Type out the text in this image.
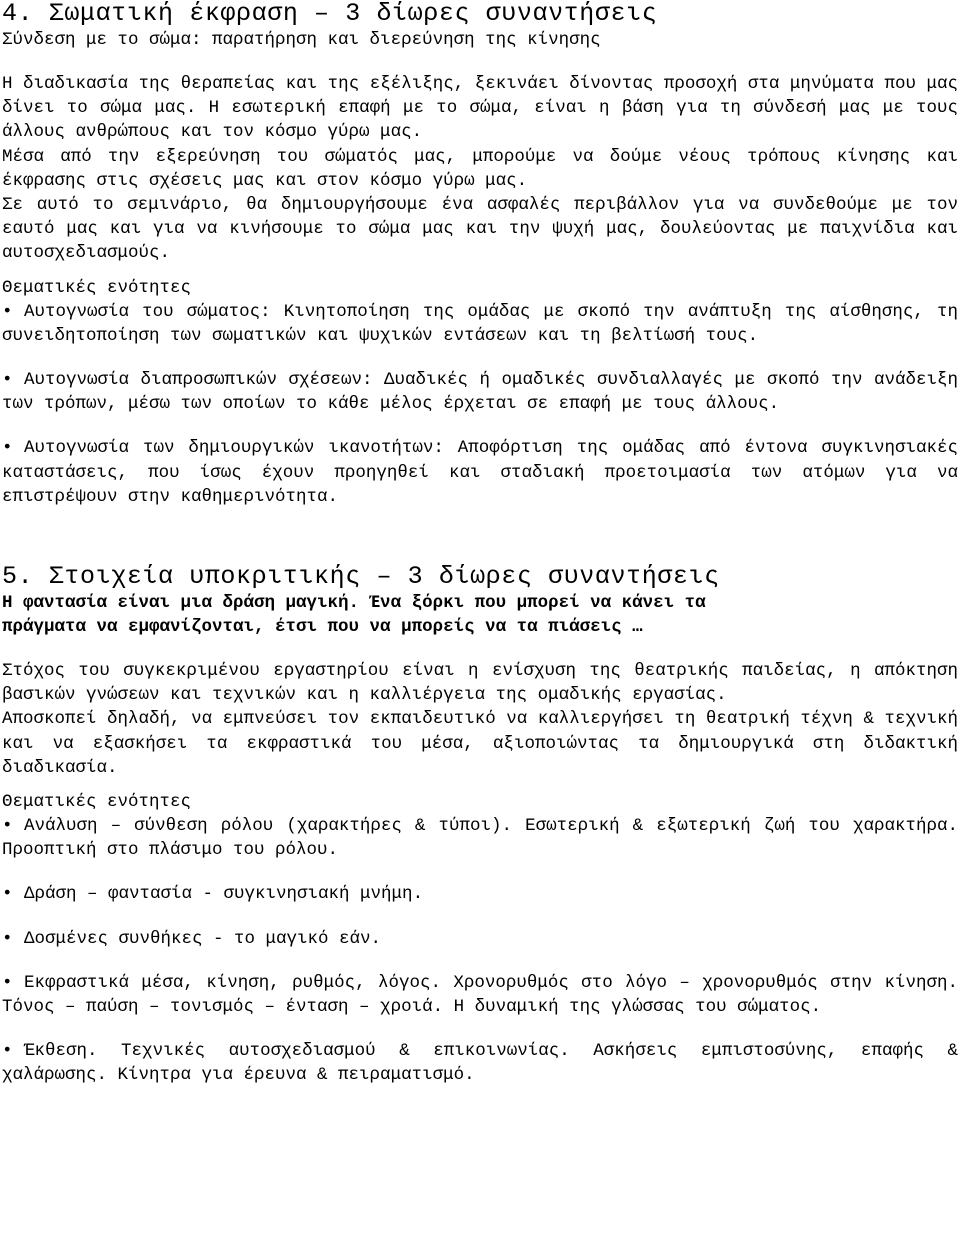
4. Σωματική έκφραση – 3 δίωρες συναντήσεις
Σύνδεση με το σώμα: παρατήρηση και διερεύνηση της κίνησης
Η διαδικασία της θεραπείας και της εξέλιξης, ξεκινάει δίνοντας προσοχή στα μηνύματα που μας δίνει το σώμα μας. Η εσωτερική επαφή με το σώμα, είναι η βάση για τη σύνδεσή μας με τους άλλους ανθρώπους και τον κόσμο γύρω μας.
Μέσα από την εξερεύνηση του σώματός μας, μπορούμε να δούμε νέους τρόπους κίνησης και έκφρασης στις σχέσεις μας και στον κόσμο γύρω μας.
Σε αυτό το σεμινάριο, θα δημιουργήσουμε ένα ασφαλές περιβάλλον για να συνδεθούμε με τον εαυτό μας και για να κινήσουμε το σώμα μας και την ψυχή μας, δουλεύοντας με παιχνίδια και αυτοσχεδιασμούς.
Θεματικές ενότητες
• Αυτογνωσία του σώματος: Κινητοποίηση της ομάδας με σκοπό την ανάπτυξη της αίσθησης, τη συνειδητοποίηση των σωματικών και ψυχικών εντάσεων και τη βελτίωσή τους.
• Αυτογνωσία διαπροσωπικών σχέσεων: Δυαδικές ή ομαδικές συνδιαλλαγές με σκοπό την ανάδειξη των τρόπων, μέσω των οποίων το κάθε μέλος έρχεται σε επαφή με τους άλλους.
• Αυτογνωσία των δημιουργικών ικανοτήτων: Αποφόρτιση της ομάδας από έντονα συγκινησιακές καταστάσεις, που ίσως έχουν προηγηθεί και σταδιακή προετοιμασία των ατόμων για να επιστρέψουν στην καθημερινότητα.
5. Στοιχεία υποκριτικής – 3 δίωρες συναντήσεις
Η φαντασία είναι μια δράση μαγική. Ένα ξόρκι που μπορεί να κάνει τα
πράγματα να εμφανίζονται, έτσι που να μπορείς να τα πιάσεις …
Στόχος του συγκεκριμένου εργαστηρίου είναι η ενίσχυση της θεατρικής παιδείας, η απόκτηση βασικών γνώσεων και τεχνικών και η καλλιέργεια της ομαδικής εργασίας.
Αποσκοπεί δηλαδή, να εμπνεύσει τον εκπαιδευτικό να καλλιεργήσει τη θεατρική τέχνη & τεχνική και να εξασκήσει τα εκφραστικά του μέσα, αξιοποιώντας τα δημιουργικά στη διδακτική διαδικασία.
Θεματικές ενότητες
• Ανάλυση – σύνθεση ρόλου (χαρακτήρες & τύποι). Εσωτερική & εξωτερική ζωή του χαρακτήρα. Προοπτική στο πλάσιμο του ρόλου.
• Δράση – φαντασία - συγκινησιακή μνήμη.
• Δοσμένες συνθήκες - το μαγικό εάν.
• Εκφραστικά μέσα, κίνηση, ρυθμός, λόγος. Χρονορυθμός στο λόγο – χρονορυθμός στην κίνηση. Τόνος – παύση – τονισμός – ένταση – χροιά. Η δυναμική της γλώσσας του σώματος.
• Έκθεση. Τεχνικές αυτοσχεδιασμού & επικοινωνίας. Ασκήσεις εμπιστοσύνης, επαφής & χαλάρωσης. Κίνητρα για έρευνα & πειραματισμό.
